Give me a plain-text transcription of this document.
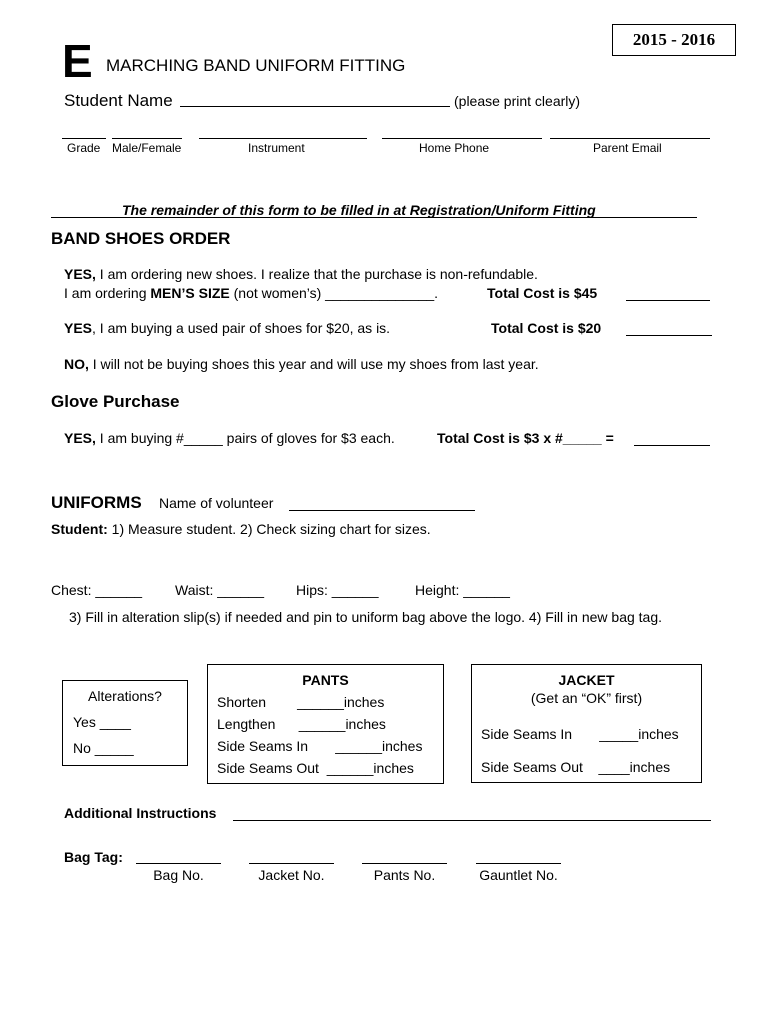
2015 - 2016
E MARCHING BAND UNIFORM FITTING
Student Name	(please print clearly)
Grade Male/Female	Instrument	Home Phone	Parent Email
The remainder of this form to be filled in at Registration/Uniform Fitting
BAND SHOES ORDER
YES, I am ordering new shoes. I realize that the purchase is non-refundable.
I am ordering MEN’S SIZE (not women’s) ______________.	Total Cost is $45
YES, I am buying a used pair of shoes for $20, as is.	Total Cost is $20
NO, I will not be buying shoes this year and will use my shoes from last year.
Glove Purchase
YES, I am buying #_____ pairs of gloves for $3 each.	Total Cost is $3 x #_____ =
UNIFORMS Name of volunteer
Student: 1) Measure student. 2) Check sizing chart for sizes.
Chest: ______ Waist: ______ Hips: ______	Height: ______
3) Fill in alteration slip(s) if needed and pin to uniform bag above the logo. 4) Fill in new bag tag.
Alterations?
Yes ____
No _____
PANTS
Shorten        ______inches
Lengthen      ______inches
Side Seams In       ______inches
Side Seams Out  ______inches
JACKET
(Get an “OK” first)
Side Seams In       _____inches
Side Seams Out    ____inches
Additional Instructions
Bag Tag:
Bag No.	Jacket No.	Pants No.	Gauntlet No.
